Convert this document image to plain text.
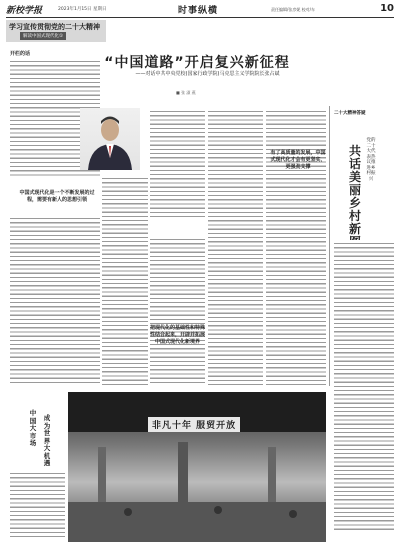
新校学报	2023年1月15日 星期日	时事纵横	责任编辑/张彦妮 校对/车	10
学习宣传贯彻党的二十大精神
解读中国式现代化①
开栏的话
中国式现代化是一个不断发展的过程，需要有新人的思想引领
“中国道路”开启复兴新征程
——对话中共中央党校(国家行政学院)马克思主义学院院长张占斌
■ 张 淑 燕
把现代化的基础性和特殊性结合起来，开辟并拓展中国式现代化新境界
有了高质量的发展，中国式现代化才会有更坚实、更强劲支撑
二十大精神答疑
共话美丽乡村新
党的二十大代表热议推进乡村振兴
中国大市场
成为世界大机遇
非凡十年 服贸开放
